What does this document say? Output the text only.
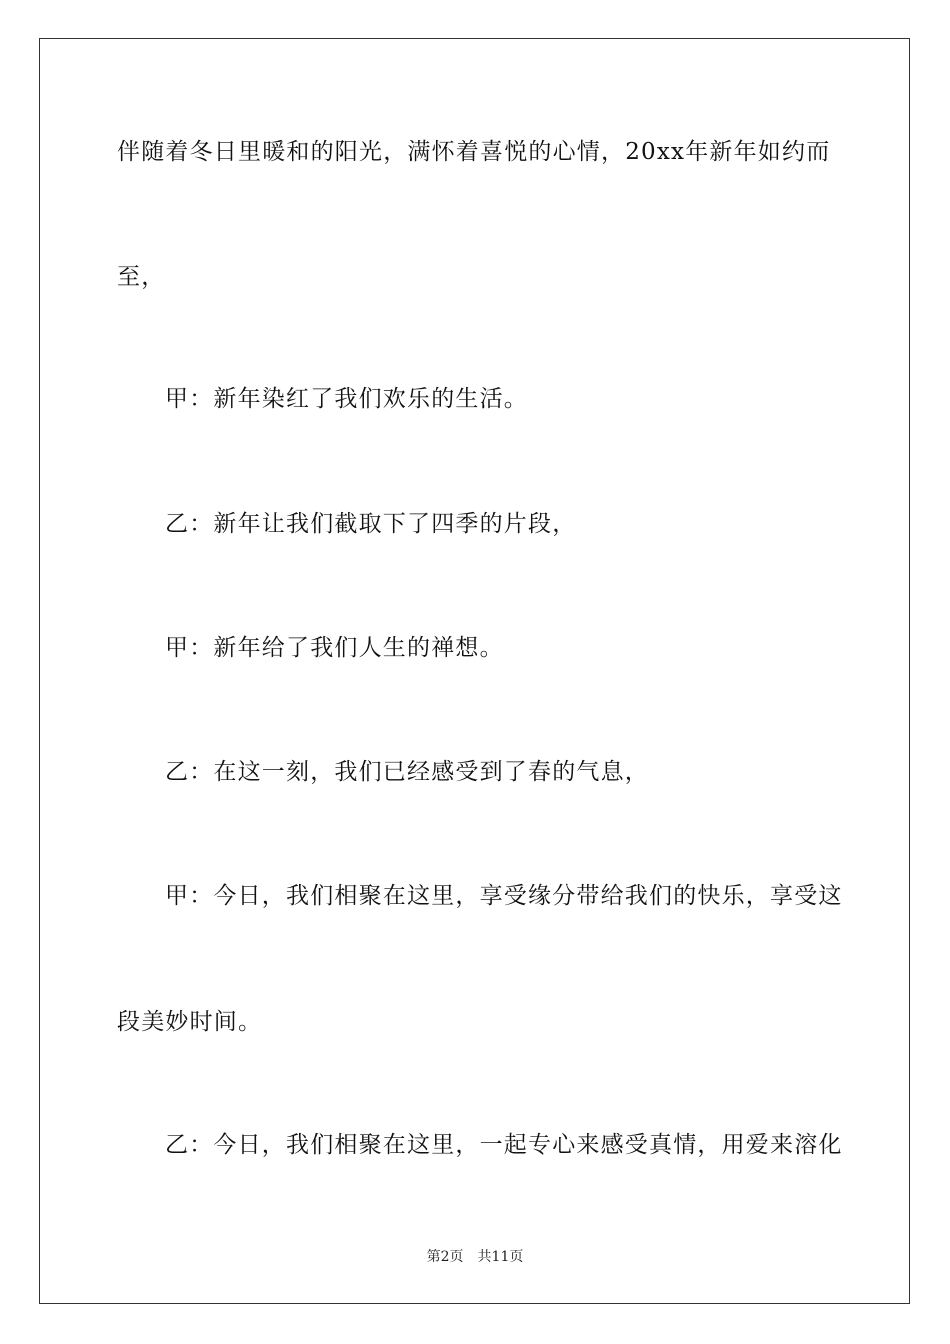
伴随着冬日里暖和的阳光，满怀着喜悦的心情，20xx年新年如约而

至，

甲：新年染红了我们欢乐的生活。

乙：新年让我们截取下了四季的片段，

甲：新年给了我们人生的禅想。

乙：在这一刻，我们已经感受到了春的气息，

甲：今日，我们相聚在这里，享受缘分带给我们的快乐，享受这

段美妙时间。

乙：今日，我们相聚在这里，一起专心来感受真情，用爱来溶化

第2页 共11页
